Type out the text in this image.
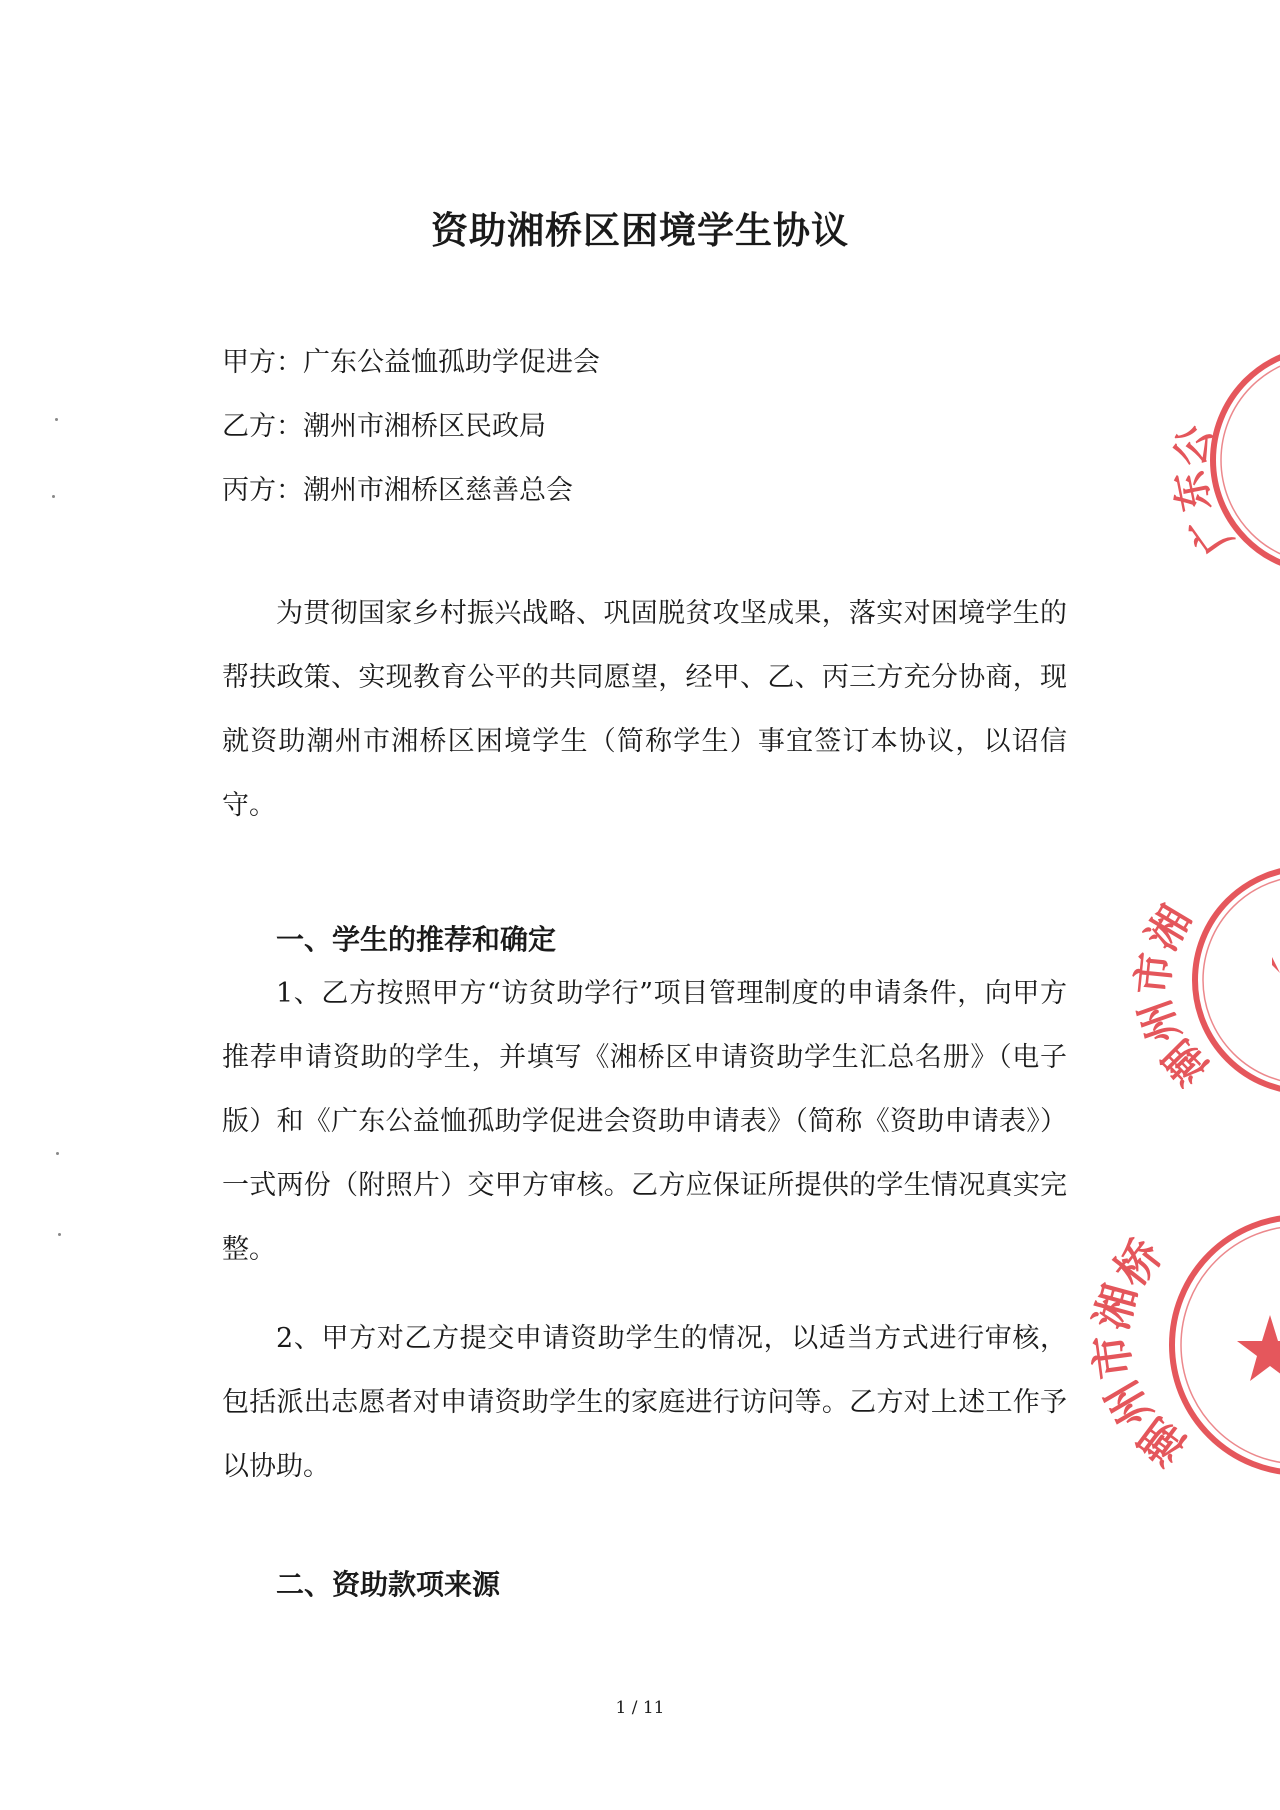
资助湘桥区困境学生协议
甲方：广东公益恤孤助学促进会
乙方：潮州市湘桥区民政局
丙方：潮州市湘桥区慈善总会

为贯彻国家乡村振兴战略、巩固脱贫攻坚成果，落实对困境学生的帮扶政策、实现教育公平的共同愿望，经甲、乙、丙三方充分协商，现就资助潮州市湘桥区困境学生（简称学生）事宜签订本协议，以诏信守。

一、学生的推荐和确定

1、乙方按照甲方“访贫助学行”项目管理制度的申请条件，向甲方推荐申请资助的学生，并填写《湘桥区申请资助学生汇总名册》（电子版）和《广东公益恤孤助学促进会资助申请表》（简称《资助申请表》）一式两份（附照片）交甲方审核。乙方应保证所提供的学生情况真实完整。

2、甲方对乙方提交申请资助学生的情况，以适当方式进行审核，包括派出志愿者对申请资助学生的家庭进行访问等。乙方对上述工作予以协助。

二、资助款项来源
1 / 11
广东公
潮州市湘
潮州市湘桥
